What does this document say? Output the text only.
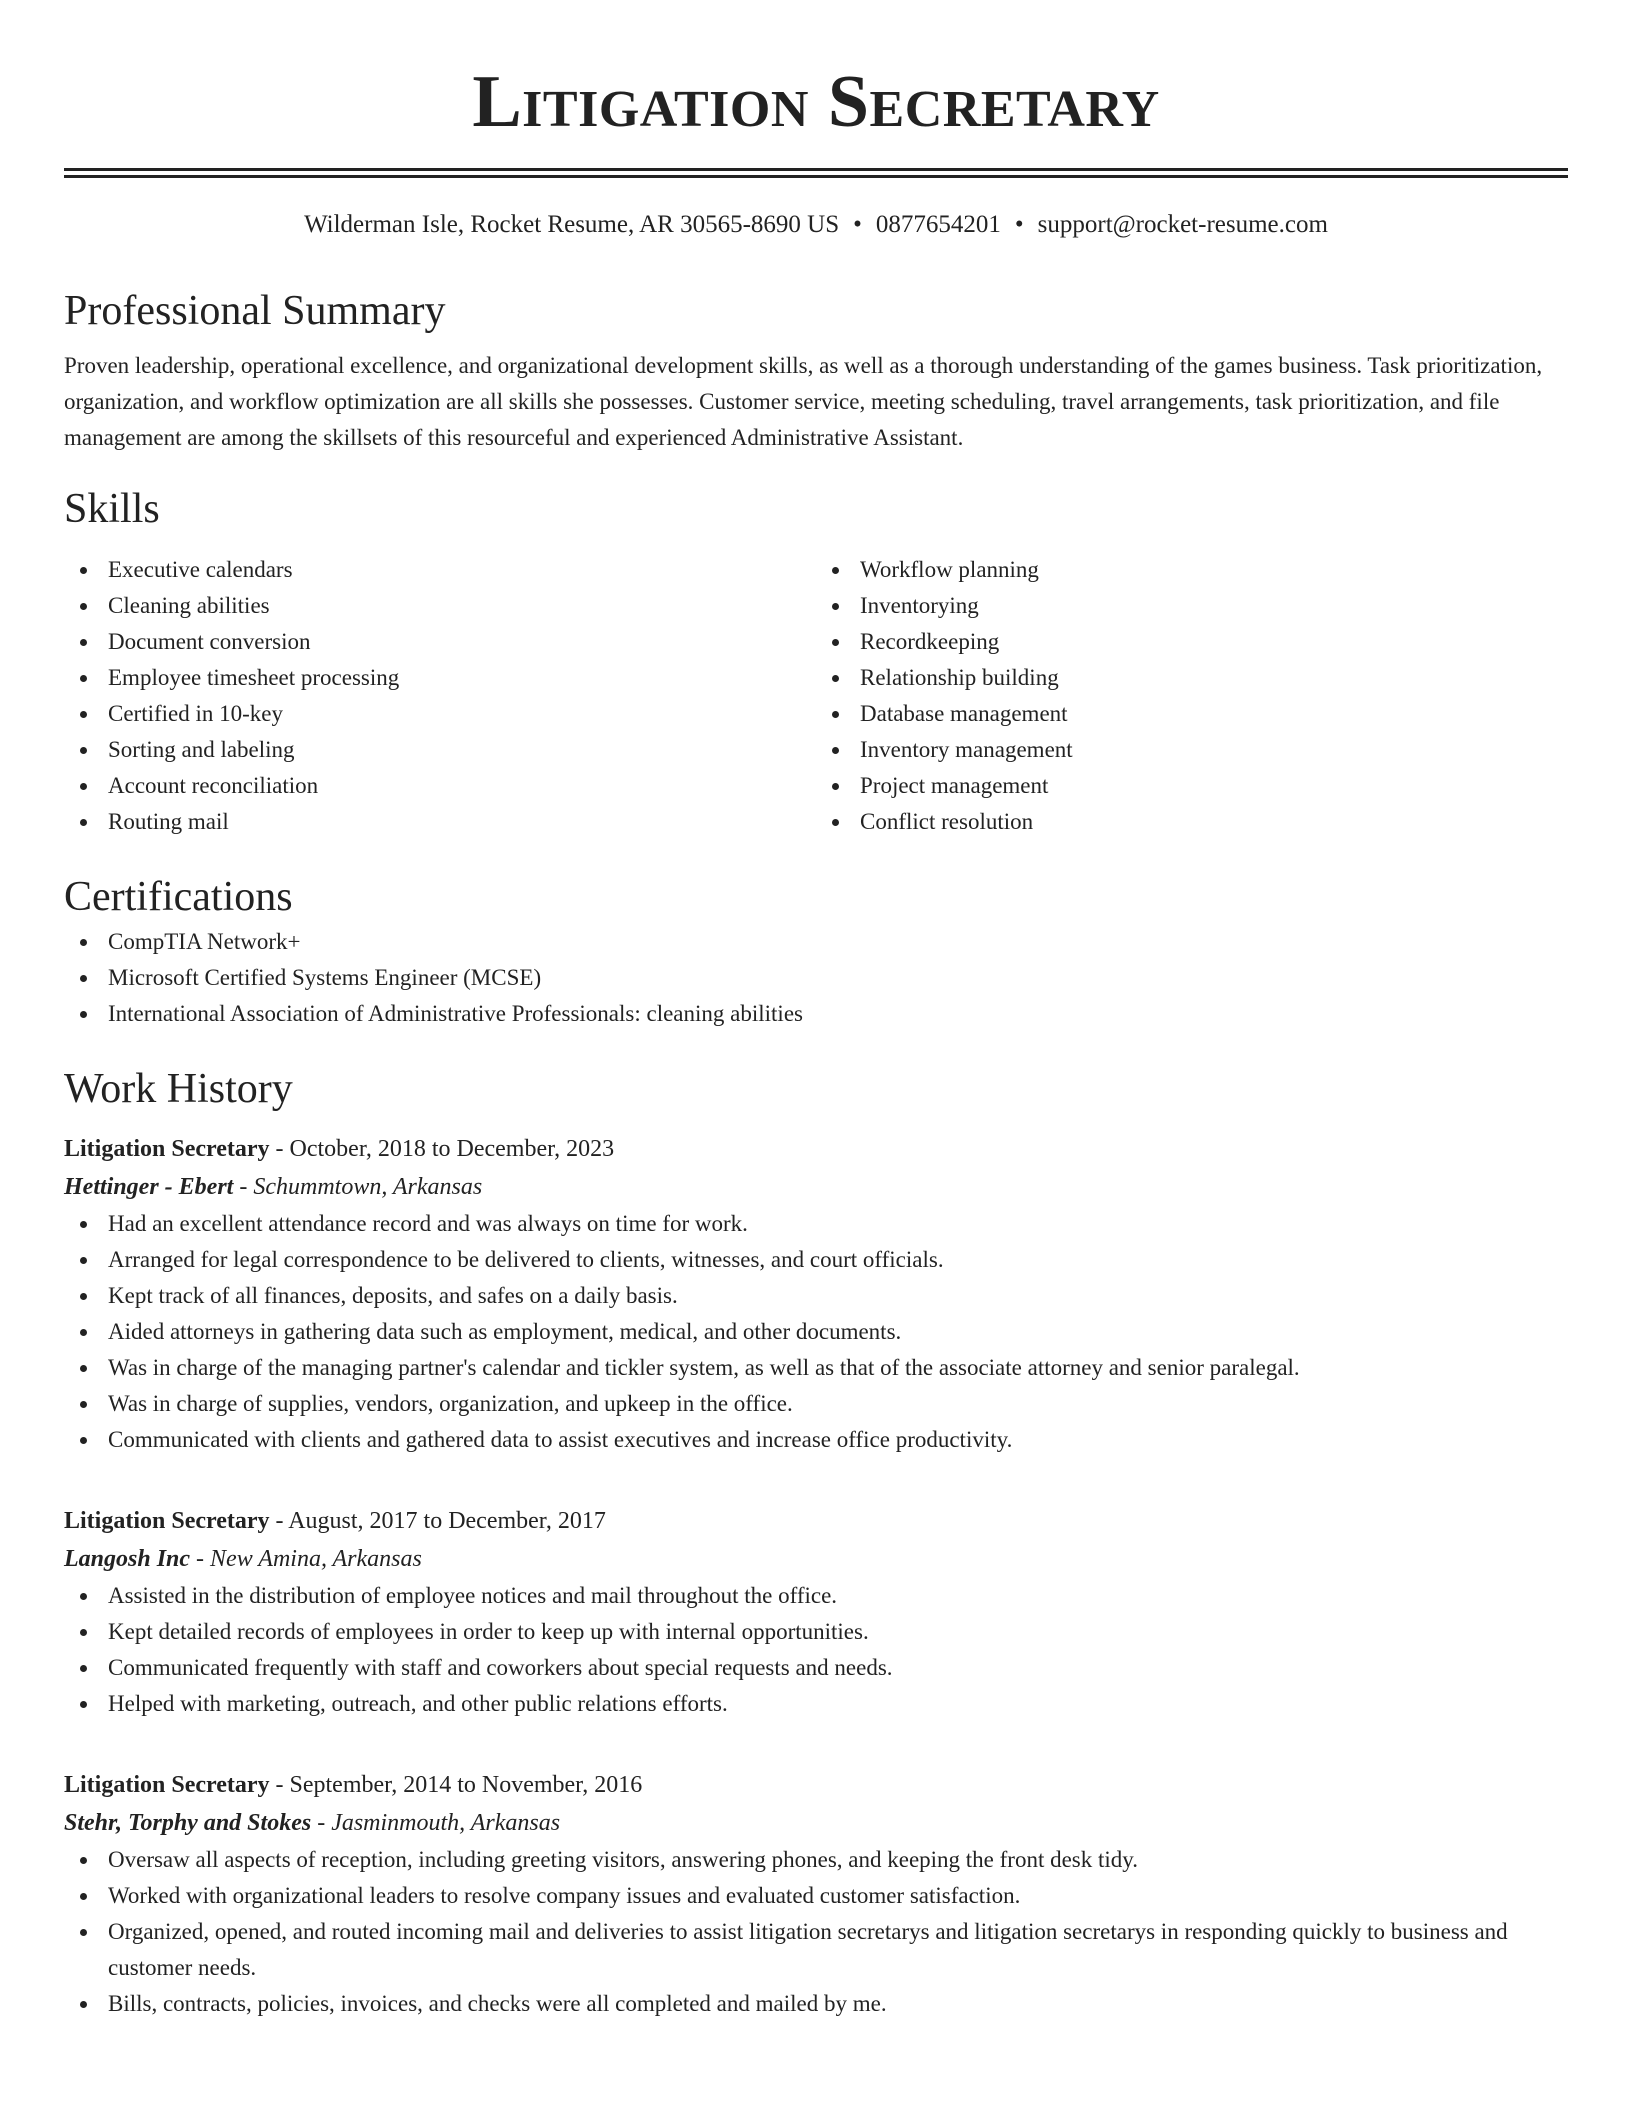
Litigation Secretary
Wilderman Isle, Rocket Resume, AR 30565-8690 US • 0877654201 • support@rocket-resume.com
Professional Summary

Proven leadership, operational excellence, and organizational development skills, as well as a thorough understanding of the games business. Task prioritization, organization, and workflow optimization are all skills she possesses. Customer service, meeting scheduling, travel arrangements, task prioritization, and file management are among the skillsets of this resourceful and experienced Administrative Assistant.

Skills
Executive calendars
Cleaning abilities
Document conversion
Employee timesheet processing
Certified in 10-key
Sorting and labeling
Account reconciliation
Routing mail
Workflow planning
Inventorying
Recordkeeping
Relationship building
Database management
Inventory management
Project management
Conflict resolution
Certifications
CompTIA Network+
Microsoft Certified Systems Engineer (MCSE)
International Association of Administrative Professionals: cleaning abilities
Work History
Litigation Secretary - October, 2018 to December, 2023
Hettinger - Ebert - Schummtown, Arkansas
Had an excellent attendance record and was always on time for work.
Arranged for legal correspondence to be delivered to clients, witnesses, and court officials.
Kept track of all finances, deposits, and safes on a daily basis.
Aided attorneys in gathering data such as employment, medical, and other documents.
Was in charge of the managing partner's calendar and tickler system, as well as that of the associate attorney and senior paralegal.
Was in charge of supplies, vendors, organization, and upkeep in the office.
Communicated with clients and gathered data to assist executives and increase office productivity.
Litigation Secretary - August, 2017 to December, 2017
Langosh Inc - New Amina, Arkansas
Assisted in the distribution of employee notices and mail throughout the office.
Kept detailed records of employees in order to keep up with internal opportunities.
Communicated frequently with staff and coworkers about special requests and needs.
Helped with marketing, outreach, and other public relations efforts.
Litigation Secretary - September, 2014 to November, 2016
Stehr, Torphy and Stokes - Jasminmouth, Arkansas
Oversaw all aspects of reception, including greeting visitors, answering phones, and keeping the front desk tidy.
Worked with organizational leaders to resolve company issues and evaluated customer satisfaction.
Organized, opened, and routed incoming mail and deliveries to assist litigation secretarys and litigation secretarys in responding quickly to business and customer needs.
Bills, contracts, policies, invoices, and checks were all completed and mailed by me.
